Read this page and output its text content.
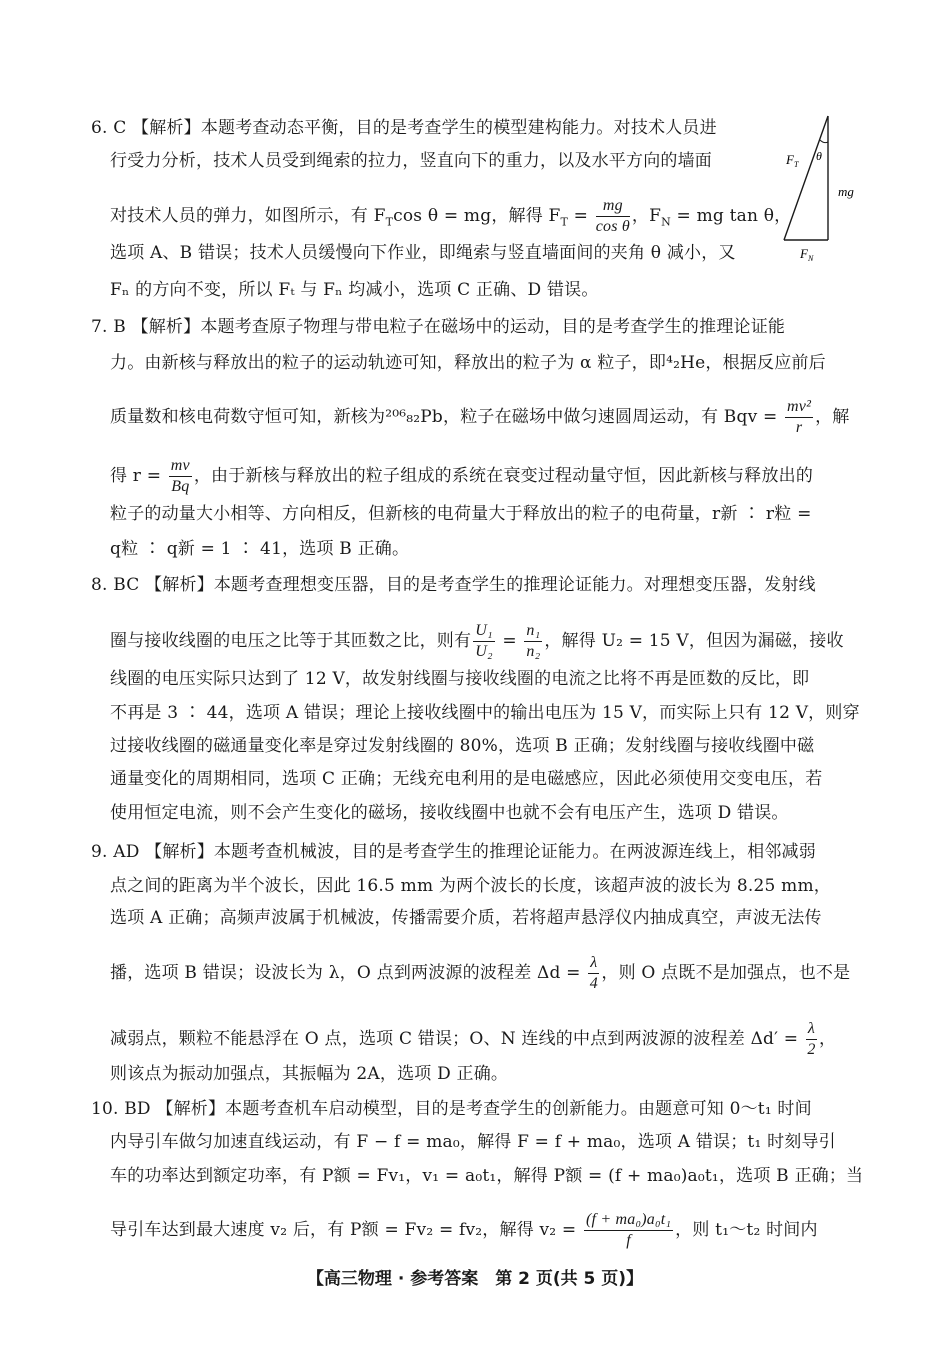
6. C 【解析】本题考查动态平衡，目的是考查学生的模型建构能力。对技术人员进
行受力分析，技术人员受到绳索的拉力，竖直向下的重力，以及水平方向的墙面
对技术人员的弹力，如图所示，有 $F_T\cos$ θ = mg，解得 $F_T = \frac{mg}{\text{cos θ}}$ ，$F_N$ = mg tan θ，
选项 A、B 错误；技术人员缓慢向下作业，即绳索与竖直墙面间的夹角 θ 减小，又
Fₙ 的方向不变，所以 Fₜ 与 Fₙ 均减小，选项 C 正确、D 错误。
$F_T$
θ
mg
$F_N$
7. B 【解析】本题考查原子物理与带电粒子在磁场中的运动，目的是考查学生的推理论证能
力。由新核与释放出的粒子的运动轨迹可知，释放出的粒子为 α 粒子，即⁴₂He，根据反应前后
质量数和核电荷数守恒可知，新核为²⁰⁶₈₂Pb，粒子在磁场中做匀速圆周运动，有 Bqv = $\frac{\text{mv²}}{r}$ ，解
得 $r = \frac{mv}{Bq}$ ，由于新核与释放出的粒子组成的系统在衰变过程动量守恒，因此新核与释放出的
粒子的动量大小相等、方向相反，但新核的电荷量大于释放出的粒子的电荷量，r新 ∶ r粒 =
q粒 ∶ q新 = 1 ∶ 41，选项 B 正确。
8. BC 【解析】本题考查理想变压器，目的是考查学生的推理论证能力。对理想变压器，发射线
圈与接收线圈的电压之比等于其匝数之比，则有 $\frac{\text{U₁}}{\text{U₂}} = \frac{\text{n₁}}{\text{n₂}}$ ，解得 U₂ = 15 V，但因为漏磁，接收
线圈的电压实际只达到了 12 V，故发射线圈与接收线圈的电流之比将不再是匝数的反比，即
不再是 3 ∶ 44，选项 A 错误；理论上接收线圈中的输出电压为 15 V，而实际上只有 12 V，则穿
过接收线圈的磁通量变化率是穿过发射线圈的 80%，选项 B 正确；发射线圈与接收线圈中磁
通量变化的周期相同，选项 C 正确；无线充电利用的是电磁感应，因此必须使用交变电压，若
使用恒定电流，则不会产生变化的磁场，接收线圈中也就不会有电压产生，选项 D 错误。
9. AD 【解析】本题考查机械波，目的是考查学生的推理论证能力。在两波源连线上，相邻减弱
点之间的距离为半个波长，因此 16.5 mm 为两个波长的长度，该超声波的波长为 8.25 mm，
选项 A 正确；高频声波属于机械波，传播需要介质，若将超声悬浮仪内抽成真空，声波无法传
播，选项 B 错误；设波长为 λ，O 点到两波源的波程差 $\Delta d = \frac{\lambda}{4}$ ，则 O 点既不是加强点，也不是
减弱点，颗粒不能悬浮在 O 点，选项 C 错误；O、N 连线的中点到两波源的波程差 $\Delta d' = \frac{\lambda}{2}$ ，
则该点为振动加强点，其振幅为 2A，选项 D 正确。
10. BD 【解析】本题考查机车启动模型，目的是考查学生的创新能力。由题意可知 0～t₁ 时间
内导引车做匀加速直线运动，有 F − f = ma₀，解得 F = f + ma₀，选项 A 错误；t₁ 时刻导引
车的功率达到额定功率，有 P额 = Fv₁，v₁ = a₀t₁，解得 P额 = (f + ma₀)a₀t₁，选项 B 正确；当
导引车达到最大速度 v₂ 后，有 P额 = Fv₂ = fv₂，解得 $v_2 = \frac{\text{(f + ma₀)a₀t₁}}{f}$ ，则 t₁～t₂ 时间内
【高三物理 · 参考答案　第 2 页(共 5 页)】
